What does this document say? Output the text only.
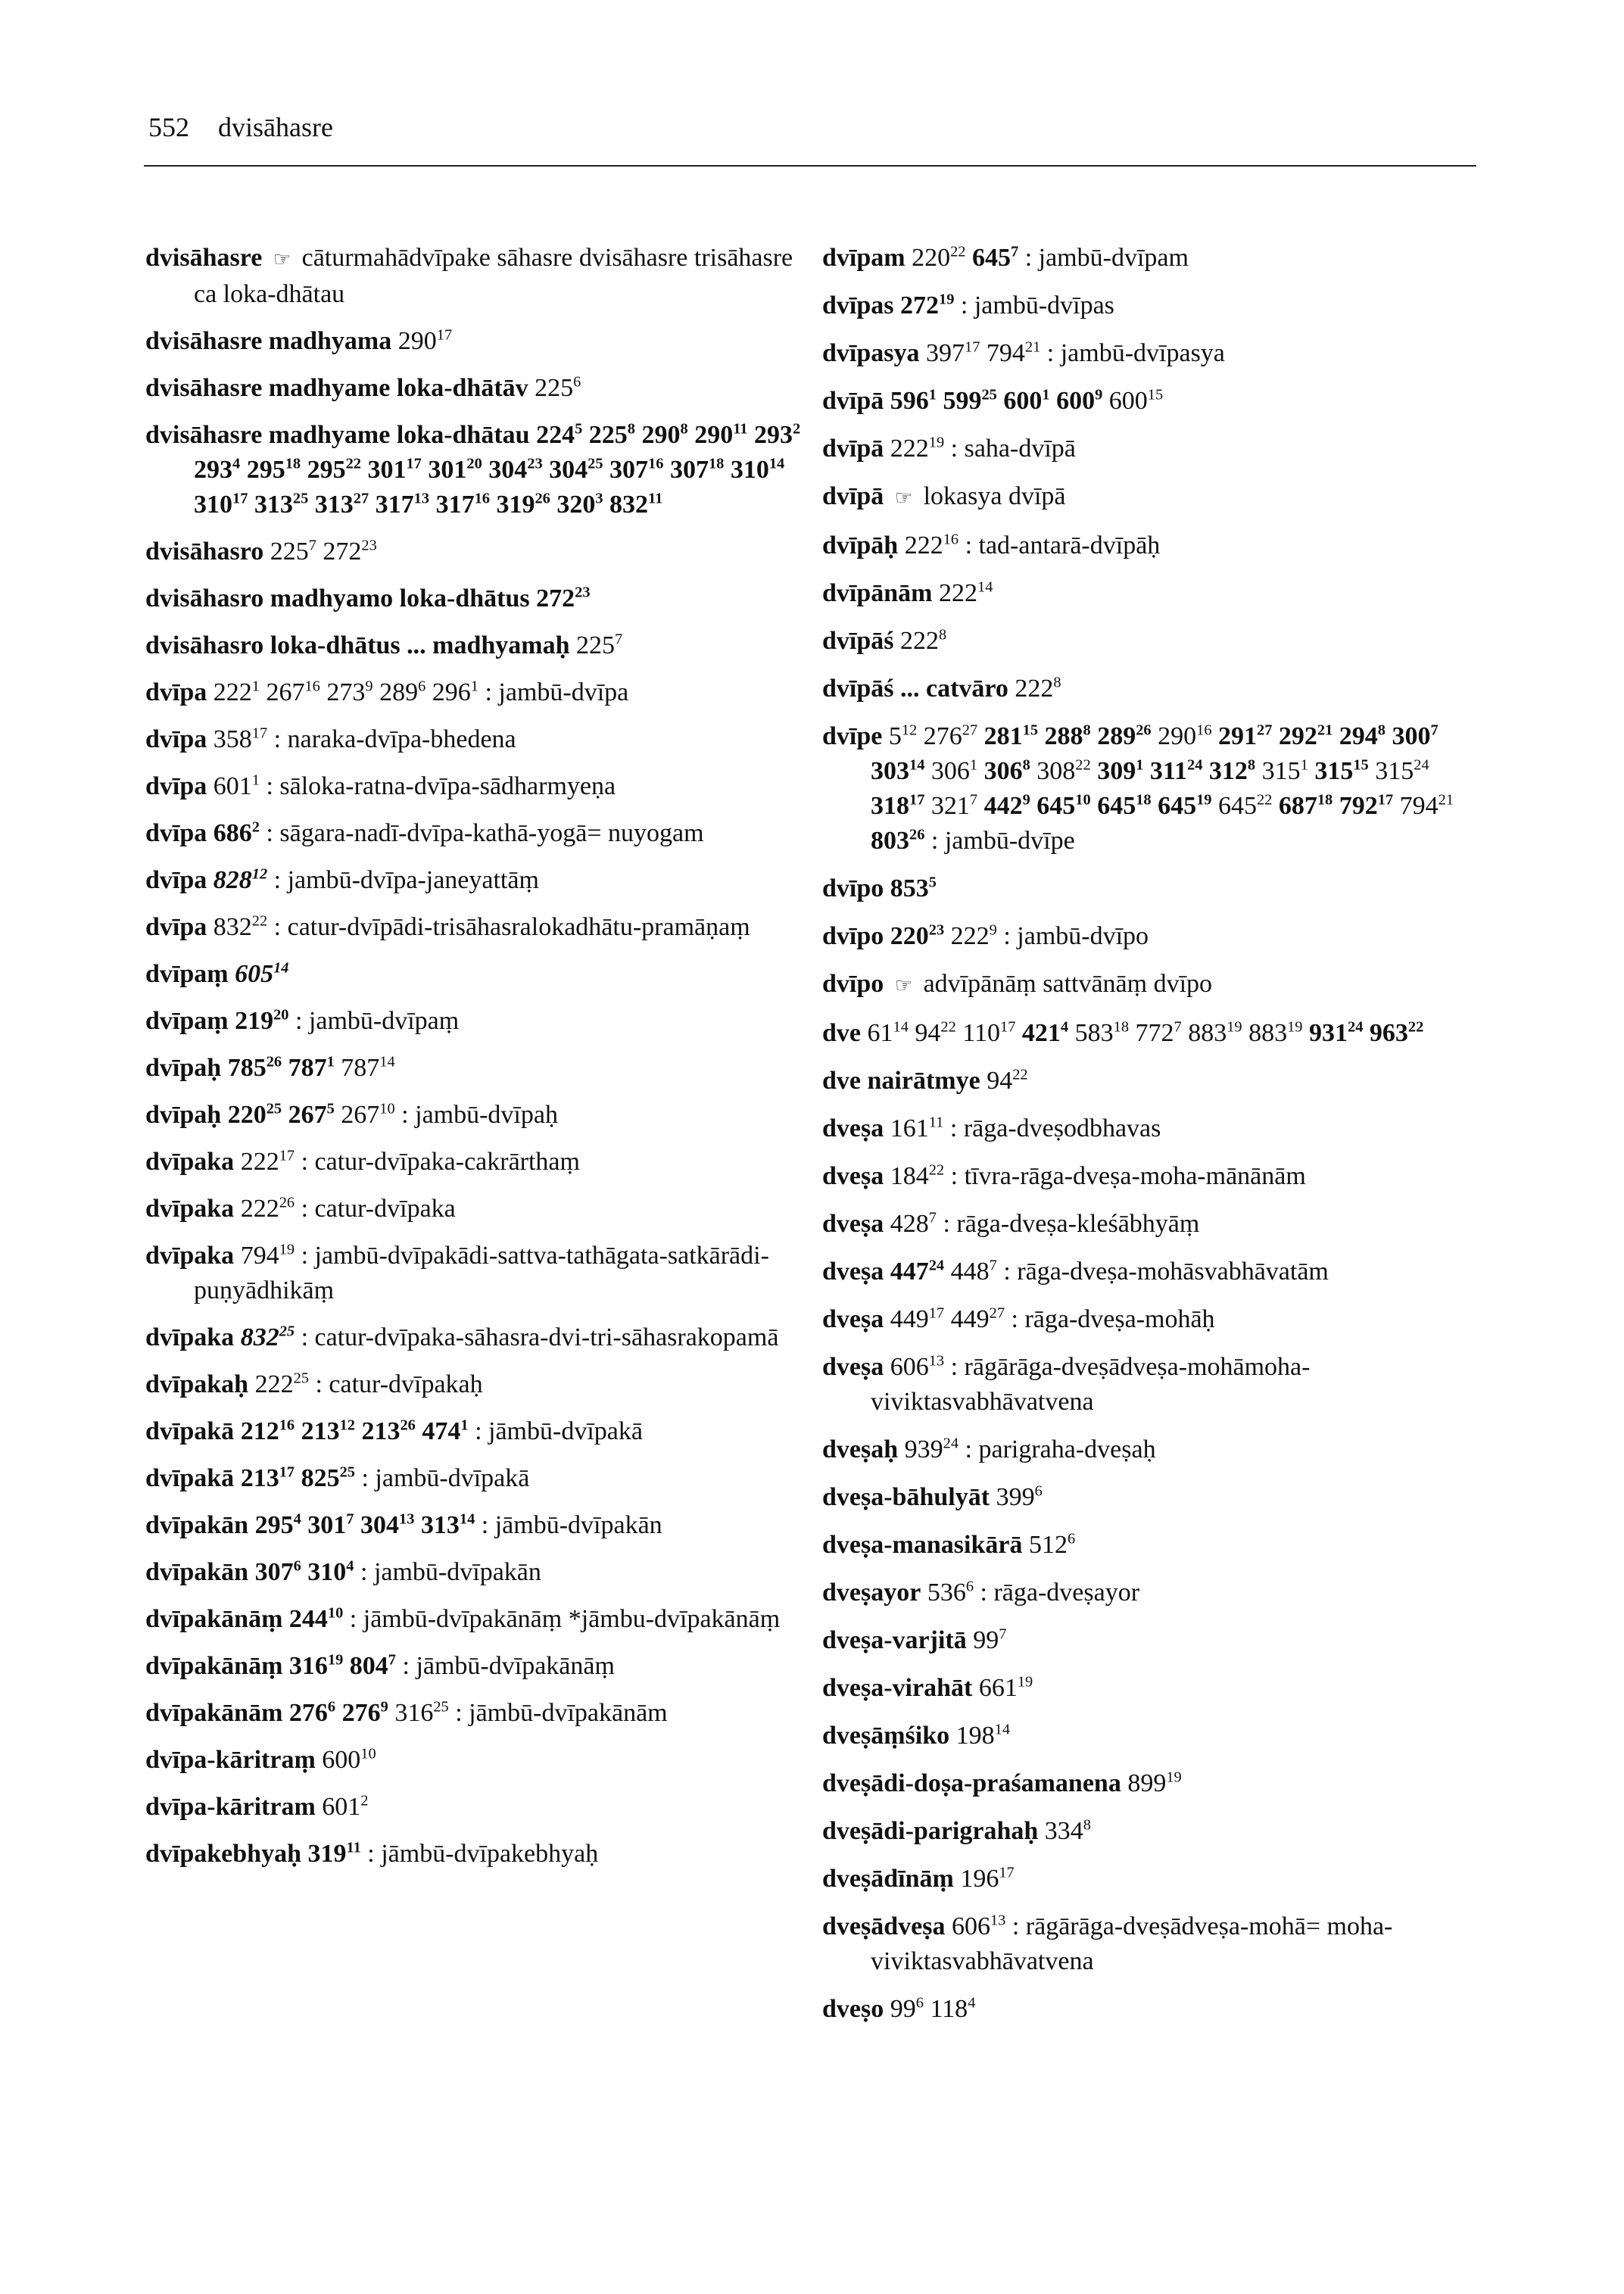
552 dvisāhasre
dvisāhasre ☞ cāturmahādvīpake sāhasre dvisāhasre trisāhasre ca loka-dhātau
dvisāhasre madhyama $290^{17}$
dvisāhasre madhyame loka-dhātāv $225^6$
dvisāhasre madhyame loka-dhātau $224^5$ $225^8$ $290^8$ $290^{11}$ $293^2$ $293^4$ $295^{18}$ $295^{22}$ $301^{17}$ $301^{20}$ $304^{23}$ $304^{25}$ $307^{16}$ $307^{18}$ $310^{14}$ $310^{17}$ $313^{25}$ $313^{27}$ $317^{13}$ $317^{16}$ $319^{26}$ $320^3$ $832^{11}$
dvisāhasro $225^7$ $272^{23}$
dvisāhasro madhyamo loka-dhātus $272^{23}$
dvisāhasro loka-dhātus ... madhyamaḥ $225^7$
dvīpa $222^1$ $267^{16}$ $273^9$ $289^6$ $296^1$ : jambū-dvīpa
dvīpa $358^{17}$ : naraka-dvīpa-bhedena
dvīpa $601^1$ : sāloka-ratna-dvīpa-sādharmyeṇa
dvīpa $686^2$ : sāgara-nadī-dvīpa-kathā-yogā= nuyogam
dvīpa $828^{12}$ : jambū-dvīpa-janeyattāṃ
dvīpa $832^{22}$ : catur-dvīpādi-trisāhasralokadhātu-pramāṇaṃ
dvīpaṃ $605^{14}$
dvīpaṃ $219^{20}$ : jambū-dvīpaṃ
dvīpaḥ $785^{26}$ $787^1$ $787^{14}$
dvīpaḥ $220^{25}$ $267^5$ $267^{10}$ : jambū-dvīpaḥ
dvīpaka $222^{17}$ : catur-dvīpaka-cakrārthaṃ
dvīpaka $222^{26}$ : catur-dvīpaka
dvīpaka $794^{19}$ : jambū-dvīpakādi-sattva-tathāgata-satkārādi-puṇyādhikāṃ
dvīpaka $832^{25}$ : catur-dvīpaka-sāhasra-dvi-tri-sāhasrakopamā
dvīpakaḥ $222^{25}$ : catur-dvīpakaḥ
dvīpakā $212^{16}$ $213^{12}$ $213^{26}$ $474^1$ : jāmbū-dvīpakā
dvīpakā $213^{17}$ $825^{25}$ : jambū-dvīpakā
dvīpakān $295^4$ $301^7$ $304^{13}$ $313^{14}$ : jāmbū-dvīpakān
dvīpakān $307^6$ $310^4$ : jambū-dvīpakān
dvīpakānāṃ $244^{10}$ : jāmbū-dvīpakānāṃ *jāmbu-dvīpakānāṃ
dvīpakānāṃ $316^{19}$ $804^7$ : jāmbū-dvīpakānāṃ
dvīpakānām $276^6$ $276^9$ $316^{25}$ : jāmbū-dvīpakānām
dvīpa-kāritraṃ $600^{10}$
dvīpa-kāritram $601^2$
dvīpakebhyaḥ $319^{11}$ : jāmbū-dvīpakebhyaḥ
dvīpam $220^{22}$ $645^7$ : jambū-dvīpam
dvīpas $272^{19}$ : jambū-dvīpas
dvīpasya $397^{17}$ $794^{21}$ : jambū-dvīpasya
dvīpā $596^1$ $599^{25}$ $600^1$ $600^9$ $600^{15}$
dvīpā $222^{19}$ : saha-dvīpā
dvīpā ☞ lokasya dvīpā
dvīpāḥ $222^{16}$ : tad-antarā-dvīpāḥ
dvīpānām $222^{14}$
dvīpāś $222^8$
dvīpāś ... catvāro $222^8$
dvīpe $5^{12}$ $276^{27}$ $281^{15}$ $288^8$ $289^{26}$ $290^{16}$ $291^{27}$ $292^{21}$ $294^8$ $300^7$ $303^{14}$ $306^1$ $306^8$ $308^{22}$ $309^1$ $311^{24}$ $312^8$ $315^1$ $315^{15}$ $315^{24}$ $318^{17}$ $321^7$ $442^9$ $645^{10}$ $645^{18}$ $645^{19}$ $645^{22}$ $687^{18}$ $792^{17}$ $794^{21}$ $803^{26}$ : jambū-dvīpe
dvīpo $853^5$
dvīpo $220^{23}$ $222^9$ : jambū-dvīpo
dvīpo ☞ advīpānāṃ sattvānāṃ dvīpo
dve $61^{14}$ $94^{22}$ $110^{17}$ $421^4$ $583^{18}$ $772^7$ $883^{19}$ $883^{19}$ $931^{24}$ $963^{22}$
dve nairātmye $94^{22}$
dveṣa $161^{11}$ : rāga-dveṣodbhavas
dveṣa $184^{22}$ : tīvra-rāga-dveṣa-moha-mānānām
dveṣa $428^7$ : rāga-dveṣa-kleśābhyāṃ
dveṣa $447^{24}$ $448^7$ : rāga-dveṣa-mohāsvabhāvatām
dveṣa $449^{17}$ $449^{27}$ : rāga-dveṣa-mohāḥ
dveṣa $606^{13}$ : rāgārāga-dveṣādveṣa-mohāmoha-viviktasvabhāvatvena
dveṣaḥ $939^{24}$ : parigraha-dveṣaḥ
dveṣa-bāhulyāt $399^6$
dveṣa-manasikārā $512^6$
dveṣayor $536^6$ : rāga-dveṣayor
dveṣa-varjitā $99^7$
dveṣa-virahāt $661^{19}$
dveṣāṃśiko $198^{14}$
dveṣādi-doṣa-praśamanena $899^{19}$
dveṣādi-parigrahaḥ $334^8$
dveṣādīnāṃ $196^{17}$
dveṣādveṣa $606^{13}$ : rāgārāga-dveṣādveṣa-mohā= moha-viviktasvabhāvatvena
dveṣo $99^6$ $118^4$
